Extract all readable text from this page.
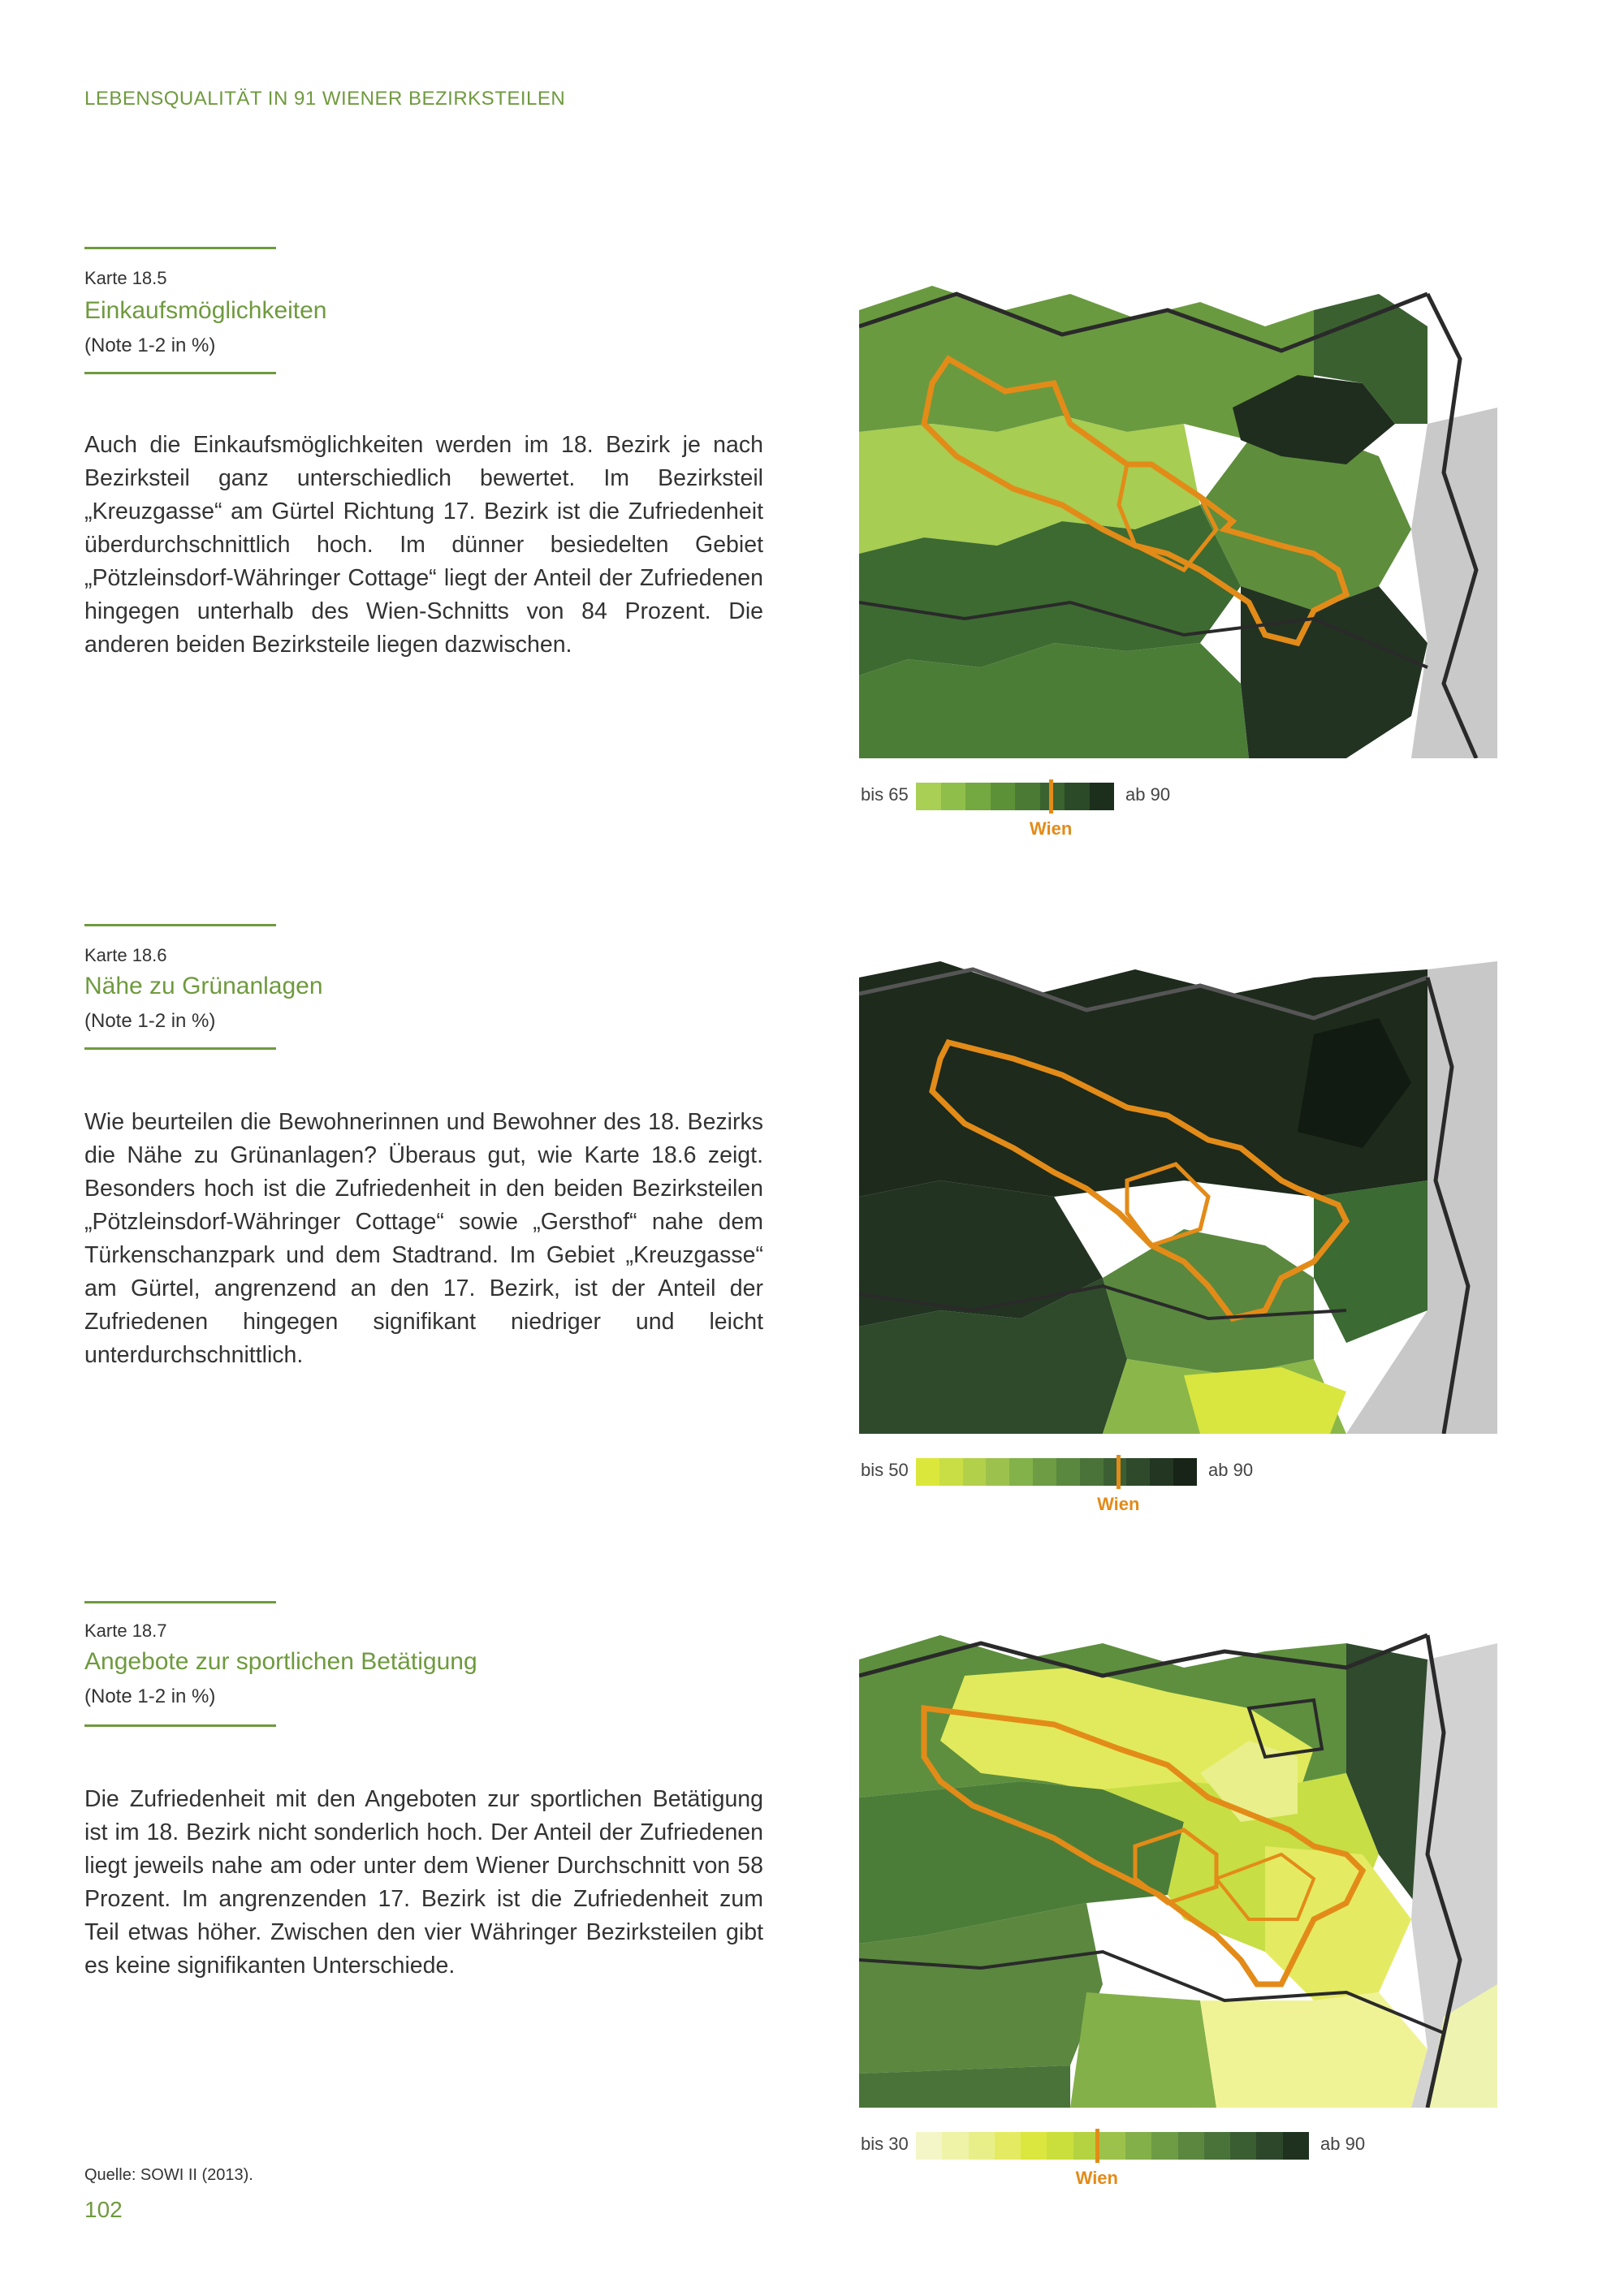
LEBENSQUALITÄT IN 91 WIENER BEZIRKSTEILEN
Karte 18.5
Einkaufsmöglichkeiten
(Note 1-2 in %)

Auch die Einkaufsmöglichkeiten werden im 18. Bezirk je nach Bezirksteil ganz unterschiedlich bewertet. Im Bezirksteil „Kreuzgasse“ am Gürtel Richtung 17. Bezirk ist die Zufriedenheit überdurchschnittlich hoch. Im dünner besiedelten Gebiet „Pötzleinsdorf-Währinger Cottage“ liegt der Anteil der Zufriedenen hingegen unterhalb des Wien-Schnitts von 84 Prozent. Die anderen beiden Bezirksteile liegen dazwischen.

bis 65	ab 90
Wien
Karte 18.6
Nähe zu Grünanlagen
(Note 1-2 in %)

Wie beurteilen die Bewohnerinnen und Bewohner des 18. Bezirks die Nähe zu Grünanlagen? Überaus gut, wie Karte 18.6 zeigt. Besonders hoch ist die Zufriedenheit in den beiden Bezirksteilen „Pötzleinsdorf-Währinger Cottage“ sowie „Gersthof“ nahe dem Türkenschanzpark und dem Stadtrand. Im Gebiet „Kreuzgasse“ am Gürtel, angrenzend an den 17. Bezirk, ist der Anteil der Zufriedenen hingegen signifikant niedriger und leicht unterdurchschnittlich.

bis 50	ab 90
Wien
Karte 18.7
Angebote zur sportlichen Betätigung
(Note 1-2 in %)

Die Zufriedenheit mit den Angeboten zur sportlichen Betätigung ist im 18. Bezirk nicht sonderlich hoch. Der Anteil der Zufriedenen liegt jeweils nahe am oder unter dem Wiener Durchschnitt von 58 Prozent. Im angrenzenden 17. Bezirk ist die Zufriedenheit zum Teil etwas höher. Zwischen den vier Währinger Bezirksteilen gibt es keine signifikanten Unterschiede.

bis 30	ab 90
Wien
Quelle: SOWI II (2013).
102
